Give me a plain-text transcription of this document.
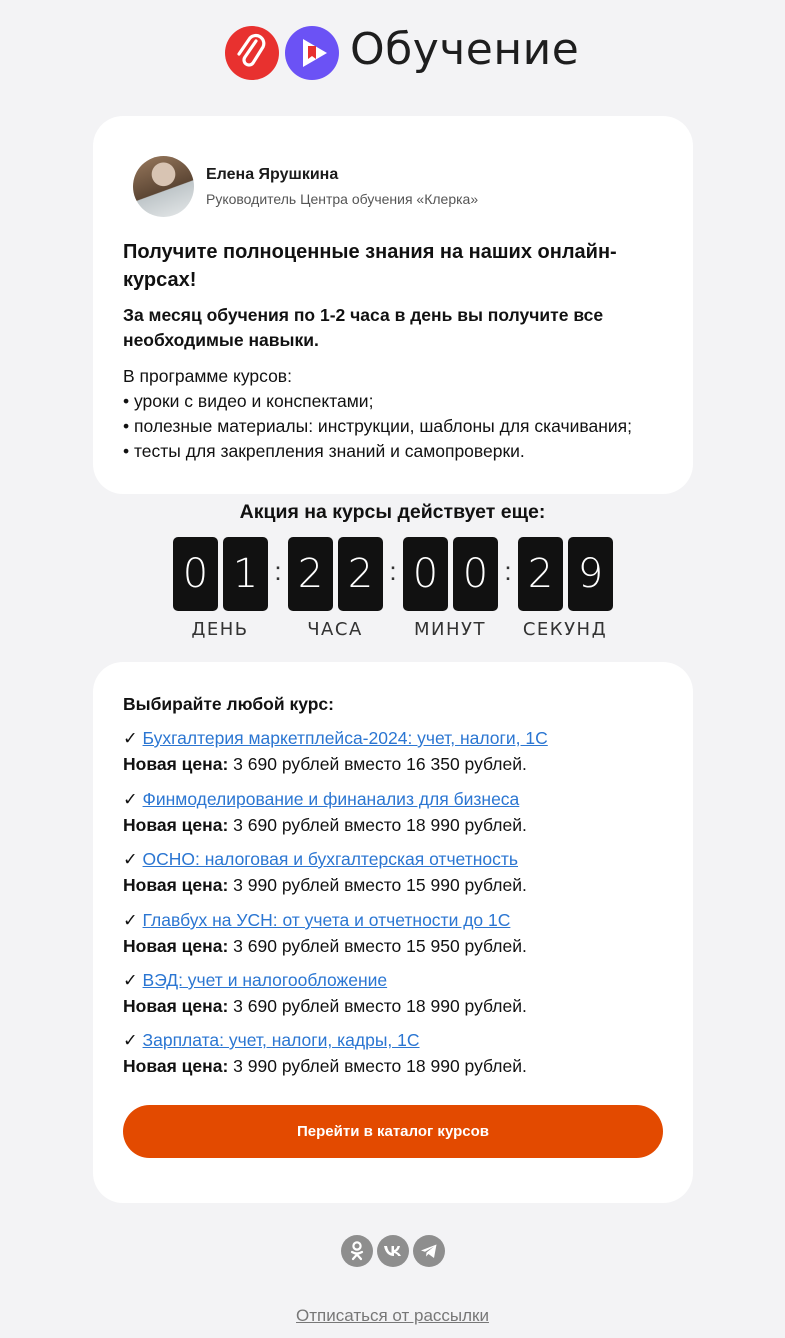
Обучение
Елена Ярушкина
Руководитель Центра обучения «Клерка»
Получите полноценные знания на наших онлайн-курсах!
За месяц обучения по 1-2 часа в день вы получите все необходимые навыки.
В программе курсов:
• уроки с видео и конспектами;
• полезные материалы: инструкции, шаблоны для скачивания;
• тесты для закрепления знаний и самопроверки.
Акция на курсы действует еще:
0 1 : 2 2 : 0 0 : 2 9
ДЕНЬ	ЧАСА	МИНУТ	СЕКУНД
Выбирайте любой курс:
✓ Бухгалтерия маркетплейса-2024: учет, налоги, 1С
Новая цена: 3 690 рублей вместо 16 350 рублей.
✓ Финмоделирование и финанализ для бизнеса
Новая цена: 3 690 рублей вместо 18 990 рублей.
✓ ОСНО: налоговая и бухгалтерская отчетность
Новая цена: 3 990 рублей вместо 15 990 рублей.
✓ Главбух на УСН: от учета и отчетности до 1С
Новая цена: 3 690 рублей вместо 15 950 рублей.
✓ ВЭД: учет и налогообложение
Новая цена: 3 690 рублей вместо 18 990 рублей.
✓ Зарплата: учет, налоги, кадры, 1С
Новая цена: 3 990 рублей вместо 18 990 рублей.
Перейти в каталог курсов
Отписаться от рассылки
